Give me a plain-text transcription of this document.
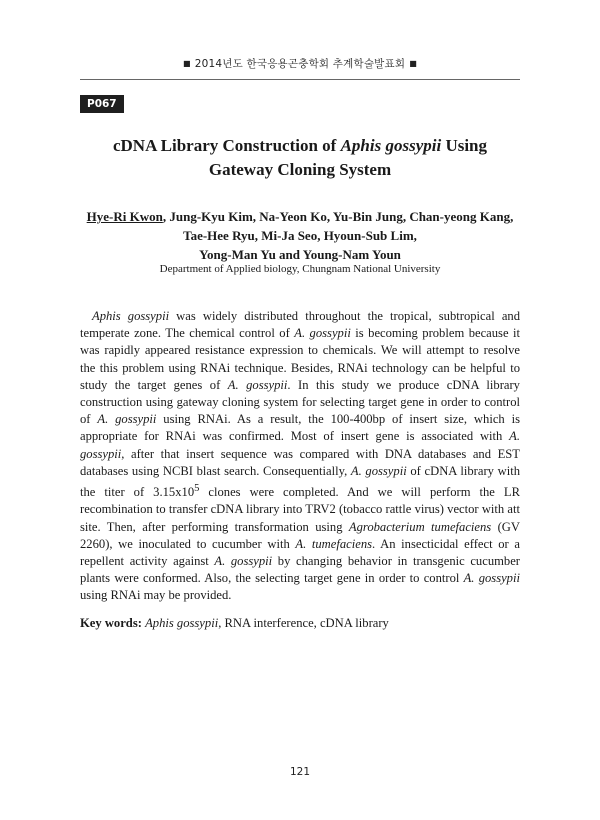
■ 2014년도 한국응용곤충학회 추계학술발표회 ■
P067
cDNA Library Construction of Aphis gossypii Using
Gateway Cloning System
Hye-Ri Kwon, Jung-Kyu Kim, Na-Yeon Ko, Yu-Bin Jung, Chan-yeong Kang,
Tae-Hee Ryu, Mi-Ja Seo, Hyoun-Sub Lim,
Yong-Man Yu and Young-Nam Youn
Department of Applied biology, Chungnam National University

Aphis gossypii was widely distributed throughout the tropical, subtropical and temperate zone. The chemical control of A. gossypii is becoming problem because it was rapidly appeared resistance expression to chemicals. We will attempt to resolve the this problem using RNAi technique. Besides, RNAi technology can be helpful to study the target genes of A. gossypii. In this study we produce cDNA library construction using gateway cloning system for selecting target gene in order to control of A. gossypii using RNAi. As a result, the 100-400bp of insert size, which is appropriate for RNAi was confirmed. Most of insert gene is associated with A. gossypii, after that insert sequence was compared with DNA databases and EST databases using NCBI blast search. Consequentially, A. gossypii of cDNA library with the titer of $3.15x10^5$ clones were completed. And we will perform the LR recombination to transfer cDNA library into TRV2 (tobacco rattle virus) vector with att site. Then, after performing transformation using Agrobacterium tumefaciens (GV 2260), we inoculated to cucumber with A. tumefaciens. An insecticidal effect or a repellent activity against A. gossypii by changing behavior in transgenic cucumber plants were conformed. Also, the selecting target gene in order to control A. gossypii using RNAi may be provided.

Key words: Aphis gossypii, RNA interference, cDNA library
121
